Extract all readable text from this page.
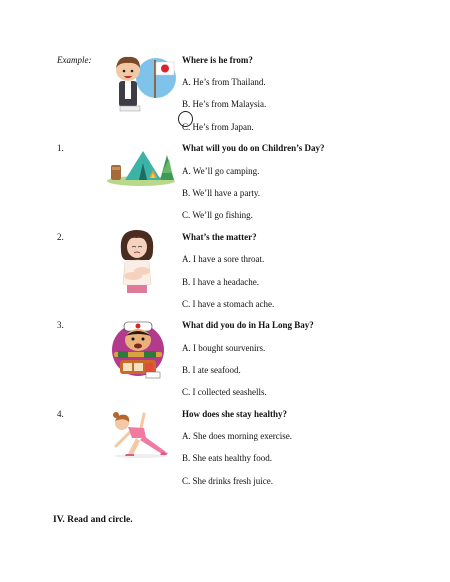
Example:	Where is he from?
A. He’s from Thailand.
B. He’s from Malaysia.
C. He’s from Japan.
1.	What will you do on Children’s Day?
A. We’ll go camping.
B. We’ll have a party.
C. We’ll go fishing.
2.	What’s the matter?
A. I have a sore throat.
B. I have a headache.
C. I have a stomach ache.
3.	What did you do in Ha Long Bay?
A. I bought sourvenirs.
B. I ate seafood.
C. I collected seashells.
4.	How does she stay healthy?
A. She does morning exercise.
B. She eats healthy food.
C. She drinks fresh juice.
IV. Read and circle.
